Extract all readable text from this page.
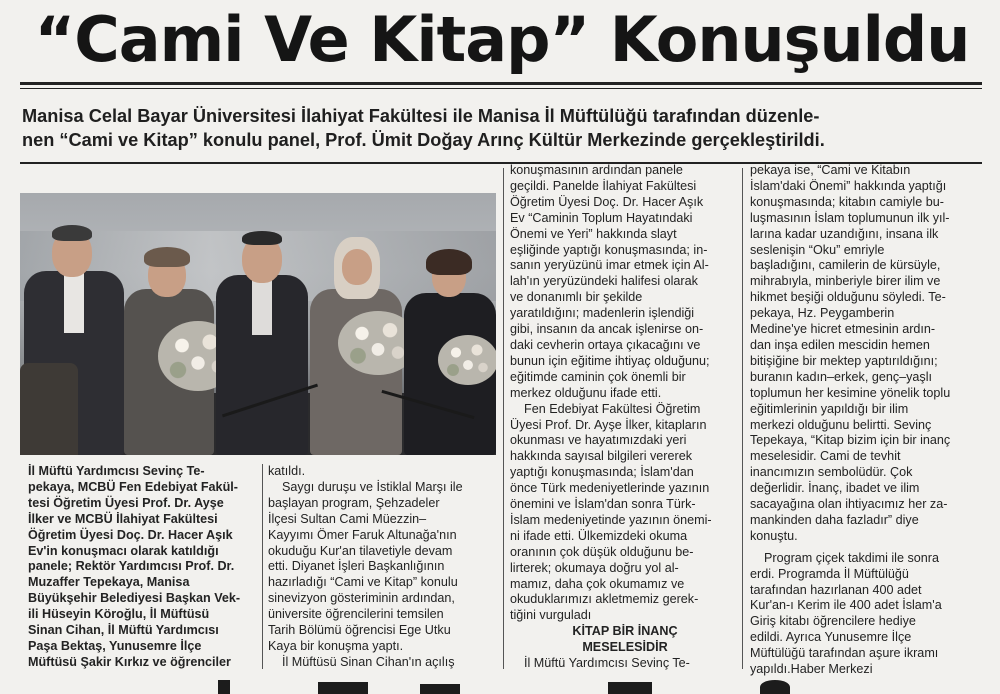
“Cami Ve Kitap” Konuşuldu

Manisa Celal Bayar Üniversitesi İlahiyat Fakültesi ile Manisa İl Müftülüğü tarafından düzenle-
nen “Cami ve Kitap” konulu panel, Prof. Ümit Doğay Arınç Kültür Merkezinde gerçekleştirildi.

İl Müftü Yardımcısı Sevinç Te-

pekaya, MCBÜ Fen Edebiyat Fakül-

tesi Öğretim Üyesi Prof. Dr. Ayşe

İlker ve MCBÜ İlahiyat Fakültesi

Öğretim Üyesi Doç. Dr. Hacer Aşık

Ev'in konuşmacı olarak katıldığı

panele; Rektör Yardımcısı Prof. Dr.

Muzaffer Tepekaya, Manisa

Büyükşehir Belediyesi Başkan Vek-

ili Hüseyin Köroğlu, İl Müftüsü

Sinan Cihan, İl Müftü Yardımcısı

Paşa Bektaş, Yunusemre İlçe

Müftüsü Şakir Kırkız ve öğrenciler

katıldı.

Saygı duruşu ve İstiklal Marşı ile

başlayan program, Şehzadeler

İlçesi Sultan Cami Müezzin–

Kayyımı Ömer Faruk Altunağa'nın

okuduğu Kur'an tilavetiyle devam

etti. Diyanet İşleri Başkanlığının

hazırladığı “Cami ve Kitap” konulu

sinevizyon gösteriminin ardından,

üniversite öğrencilerini temsilen

Tarih Bölümü öğrencisi Ege Utku

Kaya bir konuşma yaptı.

İl Müftüsü Sinan Cihan'ın açılış

konuşmasının ardından panele

geçildi. Panelde İlahiyat Fakültesi

Öğretim Üyesi Doç. Dr. Hacer Aşık

Ev “Caminin Toplum Hayatındaki

Önemi ve Yeri” hakkında slayt

eşliğinde yaptığı konuşmasında; in-

sanın yeryüzünü imar etmek için Al-

lah'ın yeryüzündeki halifesi olarak

ve donanımlı bir şekilde

yaratıldığını; madenlerin işlendiği

gibi, insanın da ancak işlenirse on-

daki cevherin ortaya çıkacağını ve

bunun için eğitime ihtiyaç olduğunu;

eğitimde caminin çok önemli bir

merkez olduğunu ifade etti.

Fen Edebiyat Fakültesi Öğretim

Üyesi Prof. Dr. Ayşe İlker, kitapların

okunması ve hayatımızdaki yeri

hakkında sayısal bilgileri vererek

yaptığı konuşmasında; İslam'dan

önce Türk medeniyetlerinde yazının

önemini ve İslam'dan sonra Türk-

İslam medeniyetinde yazının önemi-

ni ifade etti. Ülkemizdeki okuma

oranının çok düşük olduğunu be-

lirterek; okumaya doğru yol al-

mamız, daha çok okumamız ve

okuduklarımızı akletmemiz gerek-

tiğini vurguladı

KİTAP BİR İNANÇ

MESELESİDİR

İl Müftü Yardımcısı Sevinç Te-

pekaya ise, “Cami ve Kitabın

İslam'daki Önemi” hakkında yaptığı

konuşmasında; kitabın camiyle bu-

luşmasının İslam toplumunun ilk yıl-

larına kadar uzandığını, insana ilk

seslenişin “Oku” emriyle

başladığını, camilerin de kürsüyle,

mihrabıyla, minberiyle birer ilim ve

hikmet beşiği olduğunu söyledi. Te-

pekaya, Hz. Peygamberin

Medine'ye hicret etmesinin ardın-

dan inşa edilen mescidin hemen

bitişiğine bir mektep yaptırıldığını;

buranın kadın–erkek, genç–yaşlı

toplumun her kesimine yönelik toplu

eğitimlerinin yapıldığı bir ilim

merkezi olduğunu belirtti. Sevinç

Tepekaya, “Kitap bizim için bir inanç

meselesidir. Cami de tevhit

inancımızın sembolüdür. Çok

değerlidir. İnanç, ibadet ve ilim

sacayağına olan ihtiyacımız her za-

mankinden daha fazladır” diye

konuştu.

Program çiçek takdimi ile sonra

erdi. Programda İl Müftülüğü

tarafından hazırlanan 400 adet

Kur'an-ı Kerim ile 400 adet İslam'a

Giriş kitabı öğrencilere hediye

edildi. Ayrıca Yunusemre İlçe

Müftülüğü tarafından aşure ikramı

yapıldı.Haber Merkezi
